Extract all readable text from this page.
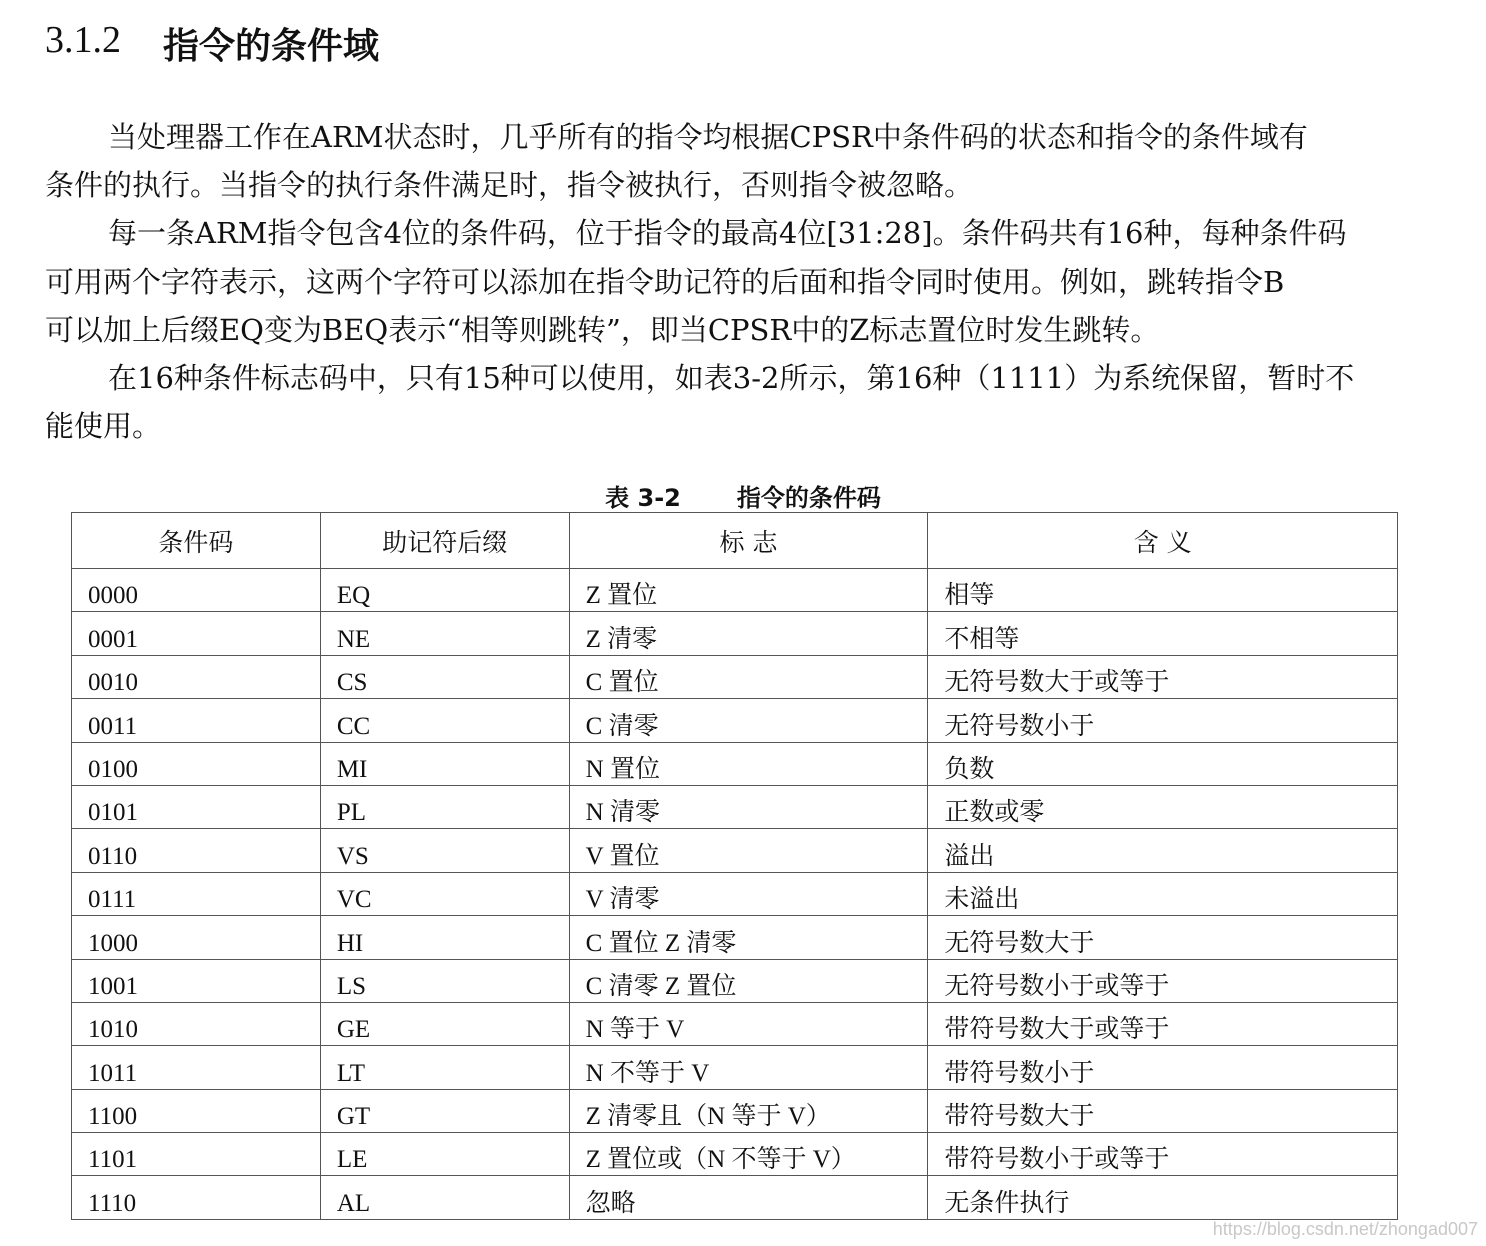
3.1.2 指令的条件域
当处理器工作在ARM状态时，几乎所有的指令均根据CPSR中条件码的状态和指令的条件域有
条件的执行。当指令的执行条件满足时，指令被执行，否则指令被忽略。
每一条ARM指令包含4位的条件码，位于指令的最高4位[31:28]。条件码共有16种，每种条件码
可用两个字符表示，这两个字符可以添加在指令助记符的后面和指令同时使用。例如，跳转指令B
可以加上后缀EQ变为BEQ表示“相等则跳转”，即当CPSR中的Z标志置位时发生跳转。
在16种条件标志码中，只有15种可以使用，如表3-2所示，第16种（1111）为系统保留，暂时不
能使用。
表 3-2 指令的条件码
条件码	助记符后缀	标 志	含 义
0000	EQ	Z 置位	相等
0001	NE	Z 清零	不相等
0010	CS	C 置位	无符号数大于或等于
0011	CC	C 清零	无符号数小于
0100	MI	N 置位	负数
0101	PL	N 清零	正数或零
0110	VS	V 置位	溢出
0111	VC	V 清零	未溢出
1000	HI	C 置位 Z 清零	无符号数大于
1001	LS	C 清零 Z 置位	无符号数小于或等于
1010	GE	N 等于 V	带符号数大于或等于
1011	LT	N 不等于 V	带符号数小于
1100	GT	Z 清零且（N 等于 V）	带符号数大于
1101	LE	Z 置位或（N 不等于 V）	带符号数小于或等于
1110	AL	忽略	无条件执行
https://blog.csdn.net/zhongad007
